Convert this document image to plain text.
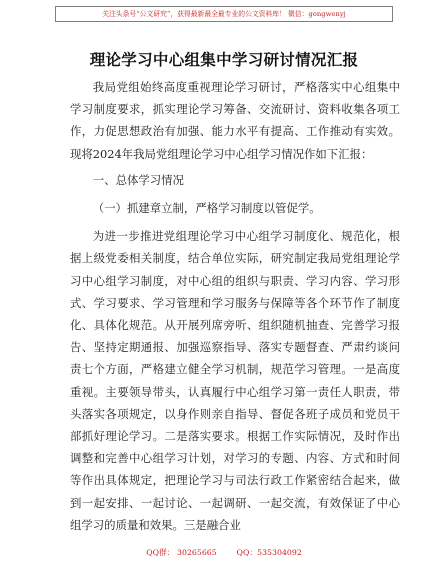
关注头条号“公文研究”，获得最新最全最专业的公文资料库！ 微信：gongwenyj
理论学习中心组集中学习研讨情况汇报

我局党组始终高度重视理论学习研讨，严格落实中心组集中学习制度要求，抓实理论学习筹备、交流研讨、资料收集各项工作，力促思想政治有加强、能力水平有提高、工作推动有实效。现将2024年我局党组理论学习中心组学习情况作如下汇报：

一、总体学习情况

（一）抓建章立制，严格学习制度以管促学。

为进一步推进党组理论学习中心组学习制度化、规范化，根据上级党委相关制度，结合单位实际，研究制定我局党组理论学习中心组学习制度，对中心组的组织与职责、学习内容、学习形式、学习要求、学习管理和学习服务与保障等各个环节作了制度化、具体化规范。从开展列席旁听、组织随机抽查、完善学习报告、坚持定期通报、加强巡察指导、落实专题督查、严肃约谈问责七个方面，严格建立健全学习机制，规范学习管理。一是高度重视。主要领导带头，认真履行中心组学习第一责任人职责，带头落实各项规定，以身作则亲自指导、督促各班子成员和党员干部抓好理论学习。二是落实要求。根据工作实际情况，及时作出调整和完善中心组学习计划，对学习的专题、内容、方式和时间等作出具体规定，把理论学习与司法行政工作紧密结合起来，做到一起安排、一起讨论、一起调研、一起交流，有效保证了中心组学习的质量和效果。三是融合业

QQ群： 30265665        QQ：535304092
